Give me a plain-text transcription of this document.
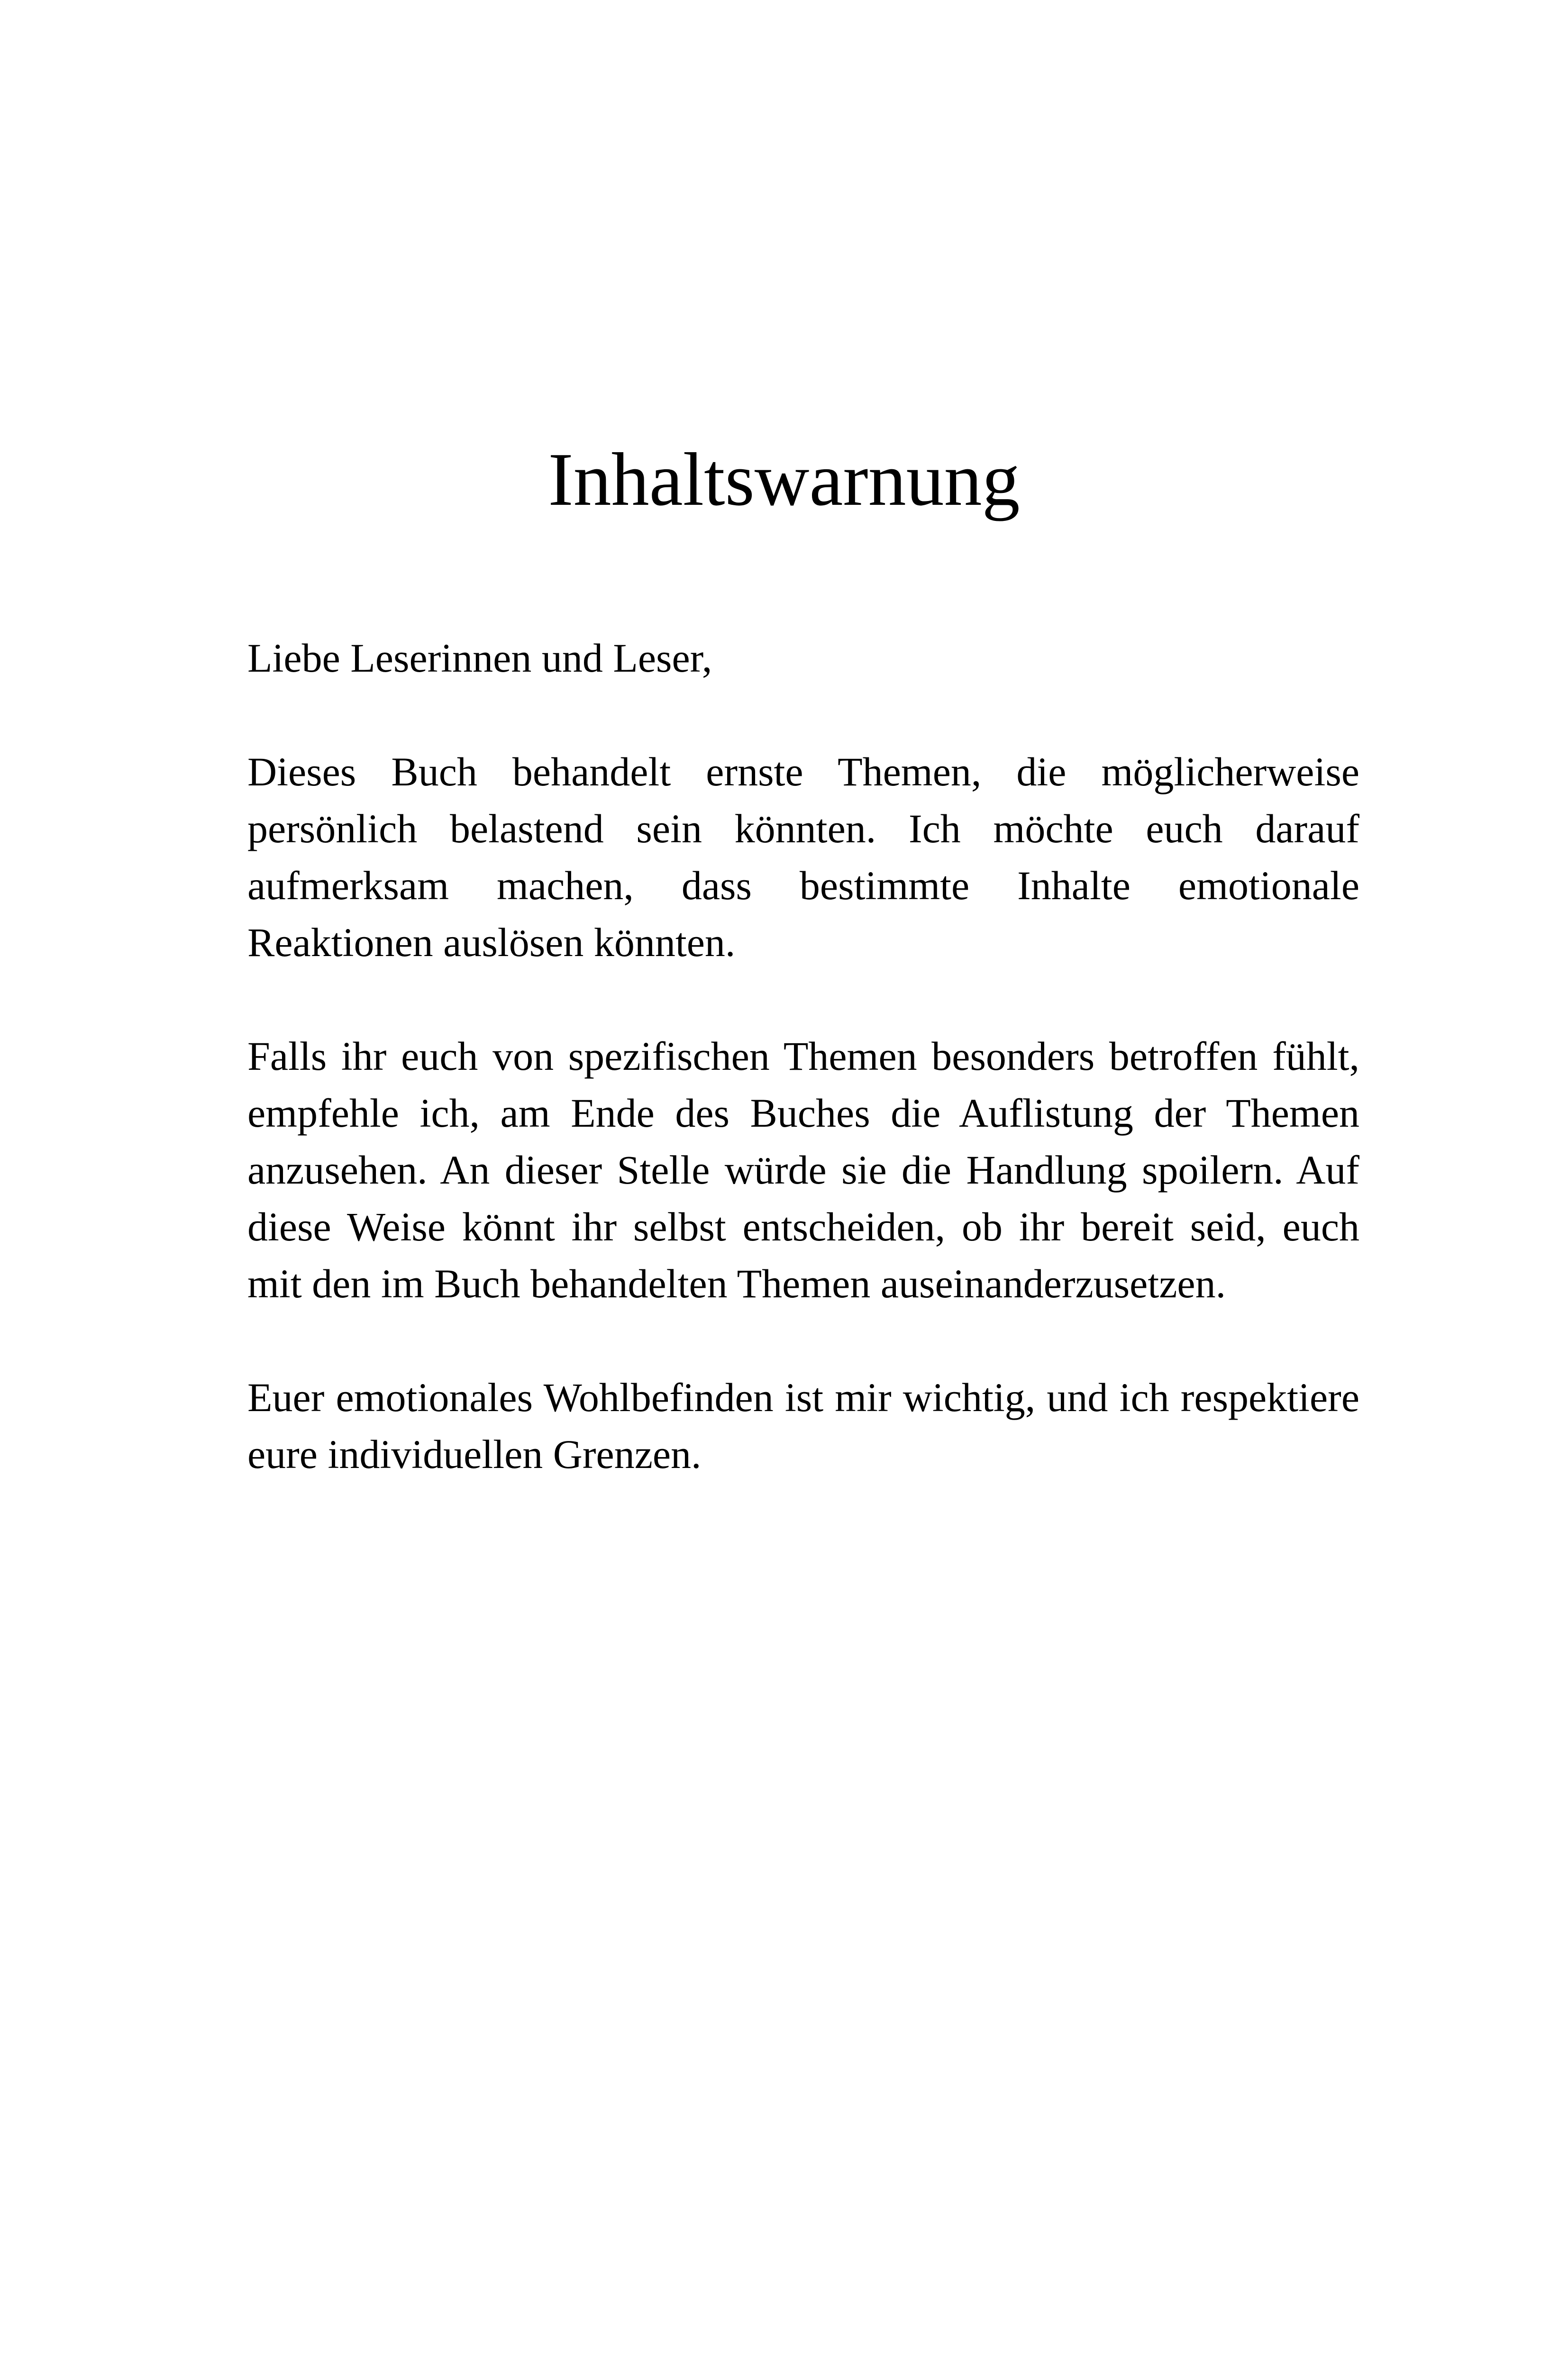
Inhaltswarnung

Liebe Leserinnen und Leser,

Dieses Buch behandelt ernste Themen, die möglicherweise persönlich belastend sein könnten. Ich möchte euch darauf aufmerksam machen, dass bestimmte Inhalte emotionale Reaktionen auslösen könnten.

Falls ihr euch von spezifischen Themen besonders betroffen fühlt, empfehle ich, am Ende des Buches die Auflistung der Themen anzusehen. An dieser Stelle würde sie die Handlung spoilern. Auf diese Weise könnt ihr selbst entscheiden, ob ihr bereit seid, euch mit den im Buch behandelten Themen auseinanderzusetzen.

Euer emotionales Wohlbefinden ist mir wichtig, und ich respektiere eure individuellen Grenzen.
